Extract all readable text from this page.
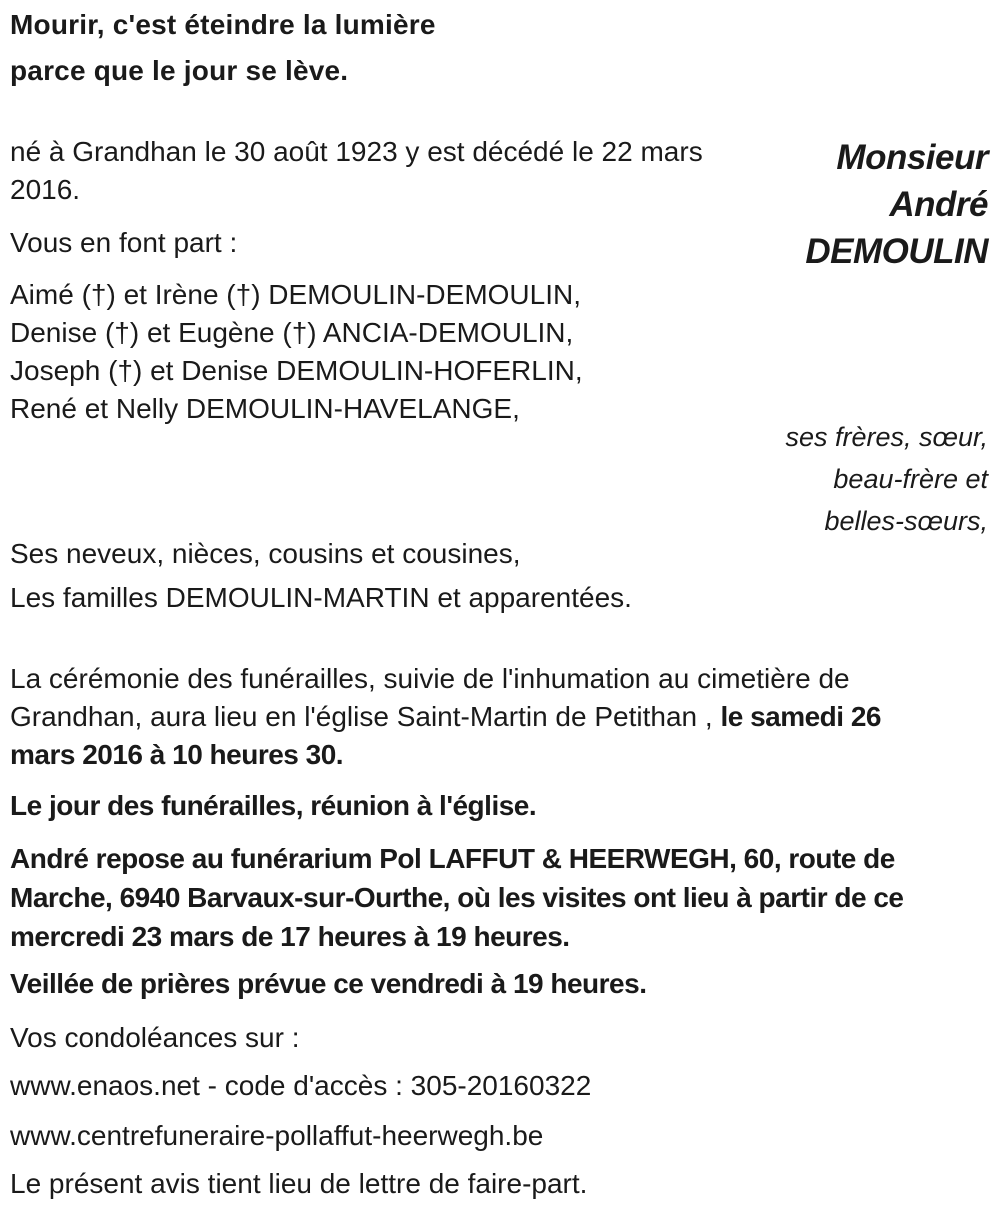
Mourir, c'est éteindre la lumière
parce que le jour se lève.
Monsieur
André
DEMOULIN
né à Grandhan le 30 août 1923 y est décédé le 22 mars
2016.
Vous en font part :
Aimé (†) et Irène (†) DEMOULIN-DEMOULIN,
Denise (†) et Eugène (†) ANCIA-DEMOULIN,
Joseph (†) et Denise DEMOULIN-HOFERLIN,
René et Nelly DEMOULIN-HAVELANGE,
ses frères, sœur,
beau-frère et
belles-sœurs,
Ses neveux, nièces, cousins et cousines,
Les familles DEMOULIN-MARTIN et apparentées.
La cérémonie des funérailles, suivie de l'inhumation au cimetière de
Grandhan, aura lieu en l'église Saint-Martin de Petithan , le samedi 26
mars 2016 à 10 heures 30.
Le jour des funérailles, réunion à l'église.
André repose au funérarium Pol LAFFUT & HEERWEGH, 60, route de
Marche, 6940 Barvaux-sur-Ourthe, où les visites ont lieu à partir de ce
mercredi 23 mars de 17 heures à 19 heures.
Veillée de prières prévue ce vendredi à 19 heures.
Vos condoléances sur :
www.enaos.net - code d'accès : 305-20160322
www.centrefuneraire-pollaffut-heerwegh.be
Le présent avis tient lieu de lettre de faire-part.
